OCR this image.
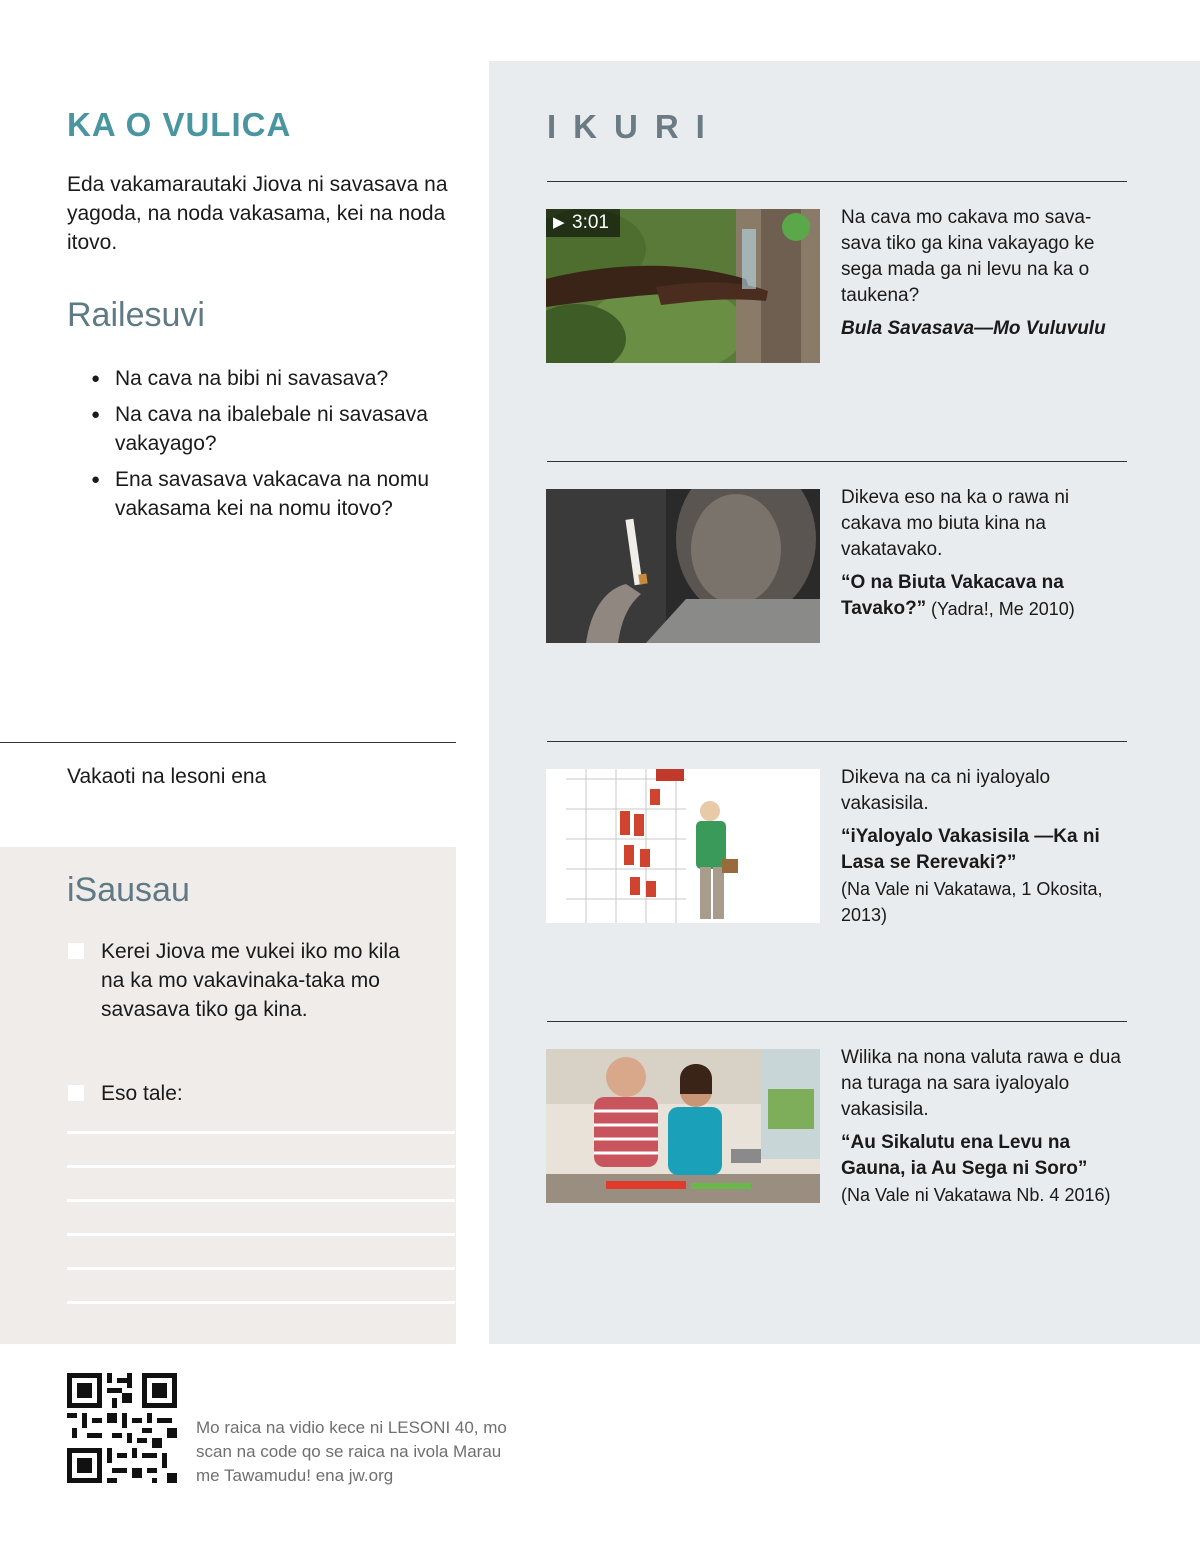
KA O VULICA
Eda vakamarautaki Jiova ni savasava na yagoda, na noda vakasama, kei na noda itovo.
Railesuvi
● Na cava na bibi ni savasava?
● Na cava na ibalebale ni savasava vakayago?
● Ena savasava vakacava na nomu vakasama kei na nomu itovo?
Vakaoti na lesoni ena
iSausau
Kerei Jiova me vukei iko mo kila na ka mo vakavinaka-taka mo savasava tiko ga kina.
Eso tale:
IKURI
▶ 3:01	Na cava mo cakava mo sava-sava tiko ga kina vakayago ke sega mada ga ni levu na ka o taukena?
Bula Savasava—Mo Vuluvulu
Dikeva eso na ka o rawa ni cakava mo biuta kina na vakatavako.
“O na Biuta Vakacava na Tavako?” (Yadra!, Me 2010)
Dikeva na ca ni iyaloyalo vakasisila.
“iYaloyalo Vakasisila —Ka ni Lasa se Rerevaki?”
(Na Vale ni Vakatawa, 1 Okosita, 2013)
Wilika na nona valuta rawa e dua na turaga na sara iyaloyalo vakasisila.
“Au Sikalutu ena Levu na Gauna, ia Au Sega ni Soro”
(Na Vale ni Vakatawa Nb. 4 2016)
Mo raica na vidio kece ni LESONI 40, mo scan na code qo se raica na ivola Marau me Tawamudu! ena jw.org
